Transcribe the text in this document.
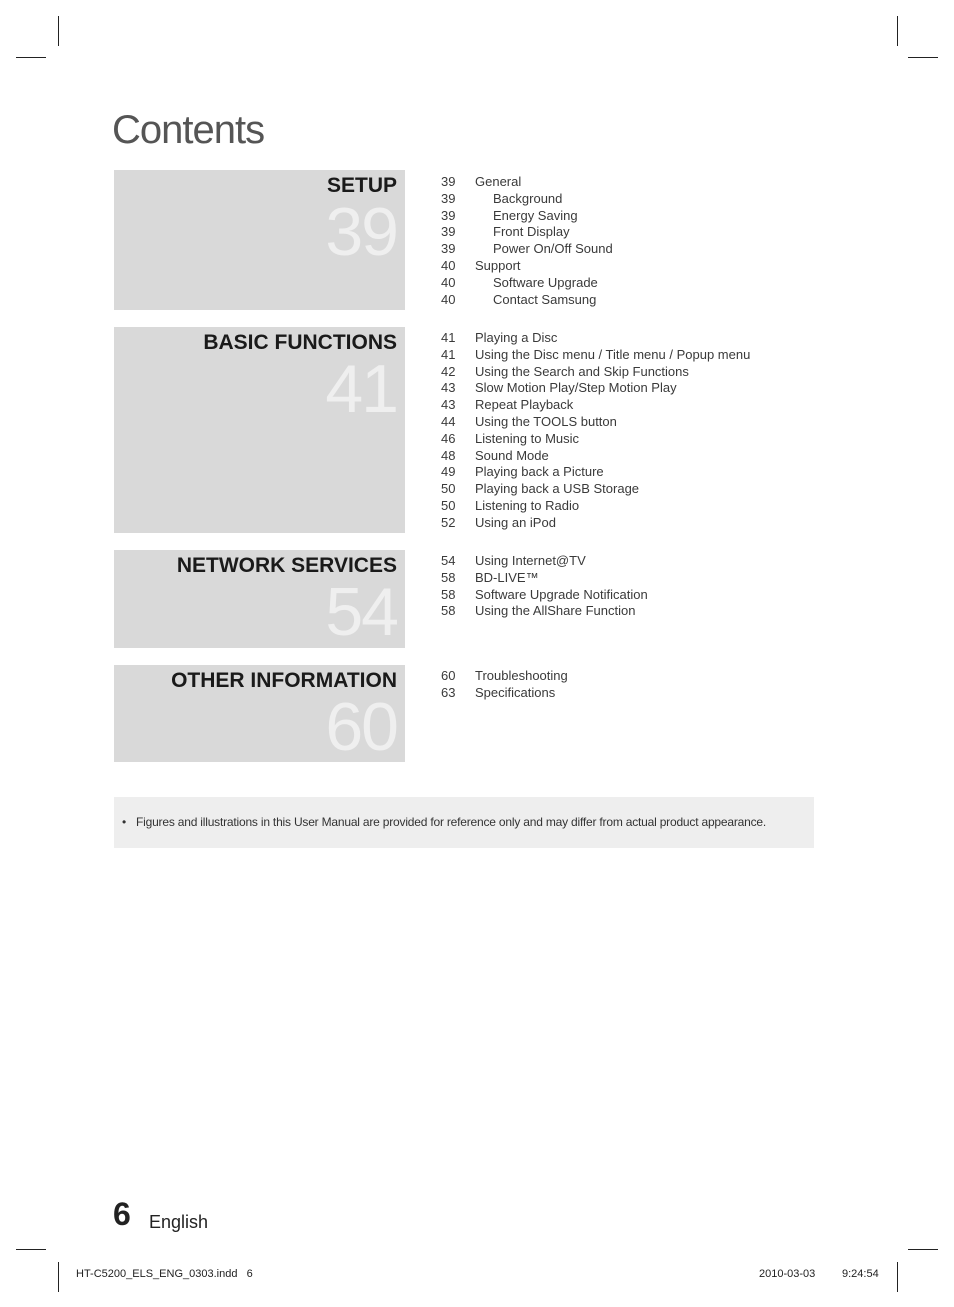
Contents
SETUP
39
39 General
39	Background
39	Energy Saving
39	Front Display
39	Power On/Off Sound
40 Support
40	Software Upgrade
40	Contact Samsung
BASIC FUNCTIONS
41
41 Playing a Disc
41 Using the Disc menu / Title menu / Popup menu
42 Using the Search and Skip Functions
43 Slow Motion Play/Step Motion Play
43 Repeat Playback
44 Using the TOOLS button
46 Listening to Music
48 Sound Mode
49 Playing back a Picture
50 Playing back a USB Storage
50 Listening to Radio
52 Using an iPod
NETWORK SERVICES
54
54 Using Internet@TV
58 BD-LIVE™
58 Software Upgrade Notification
58 Using the AllShare Function
OTHER INFORMATION
60
60 Troubleshooting
63 Specifications
• Figures and illustrations in this User Manual are provided for reference only and may differ from actual product appearance.
6 English
HT-C5200_ELS_ENG_0303.indd   6	2010-03-03 9:24:54
